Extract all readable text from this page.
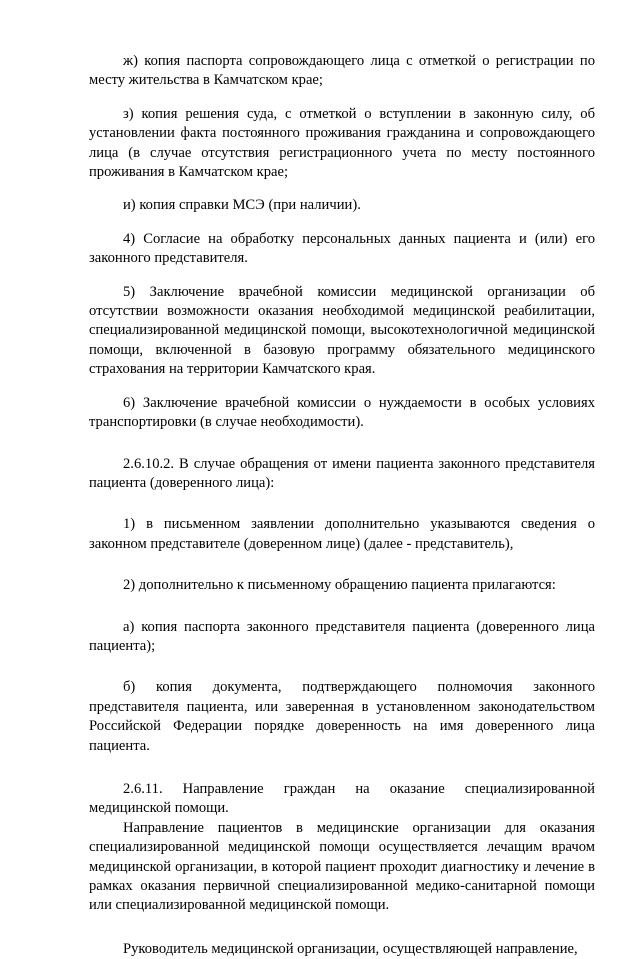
ж) копия паспорта сопровождающего лица с отметкой о регистрации по месту жительства в Камчатском крае;

з) копия решения суда, с отметкой о вступлении в законную силу, об установлении факта постоянного проживания гражданина и сопровождающего лица (в случае отсутствия регистрационного учета по месту постоянного проживания в Камчатском крае;

и) копия справки МСЭ (при наличии).

4) Согласие на обработку персональных данных пациента и (или) его законного представителя.

5) Заключение врачебной комиссии медицинской организации об отсутствии возможности оказания необходимой медицинской реабилитации, специализированной медицинской помощи, высокотехнологичной медицинской помощи, включенной в базовую программу обязательного медицинского страхования на территории Камчатского края.

6) Заключение врачебной комиссии о нуждаемости в особых условиях транспортировки (в случае необходимости).

2.6.10.2. В случае обращения от имени пациента законного представителя пациента (доверенного лица):

1) в письменном заявлении дополнительно указываются сведения о законном представителе (доверенном лице) (далее - представитель),

2) дополнительно к письменному обращению пациента прилагаются:

а) копия паспорта законного представителя пациента (доверенного лица пациента);

б) копия документа, подтверждающего полномочия законного представителя пациента, или заверенная в установленном законодательством Российской Федерации порядке доверенность на имя доверенного лица пациента.

2.6.11. Направление граждан на оказание специализированной
медицинской помощи.

Направление пациентов в медицинские организации для оказания специализированной медицинской помощи осуществляется лечащим врачом медицинской организации, в которой пациент проходит диагностику и лечение в рамках оказания первичной специализированной медико-санитарной помощи или специализированной медицинской помощи.

Руководитель медицинской организации, осуществляющей направление,
